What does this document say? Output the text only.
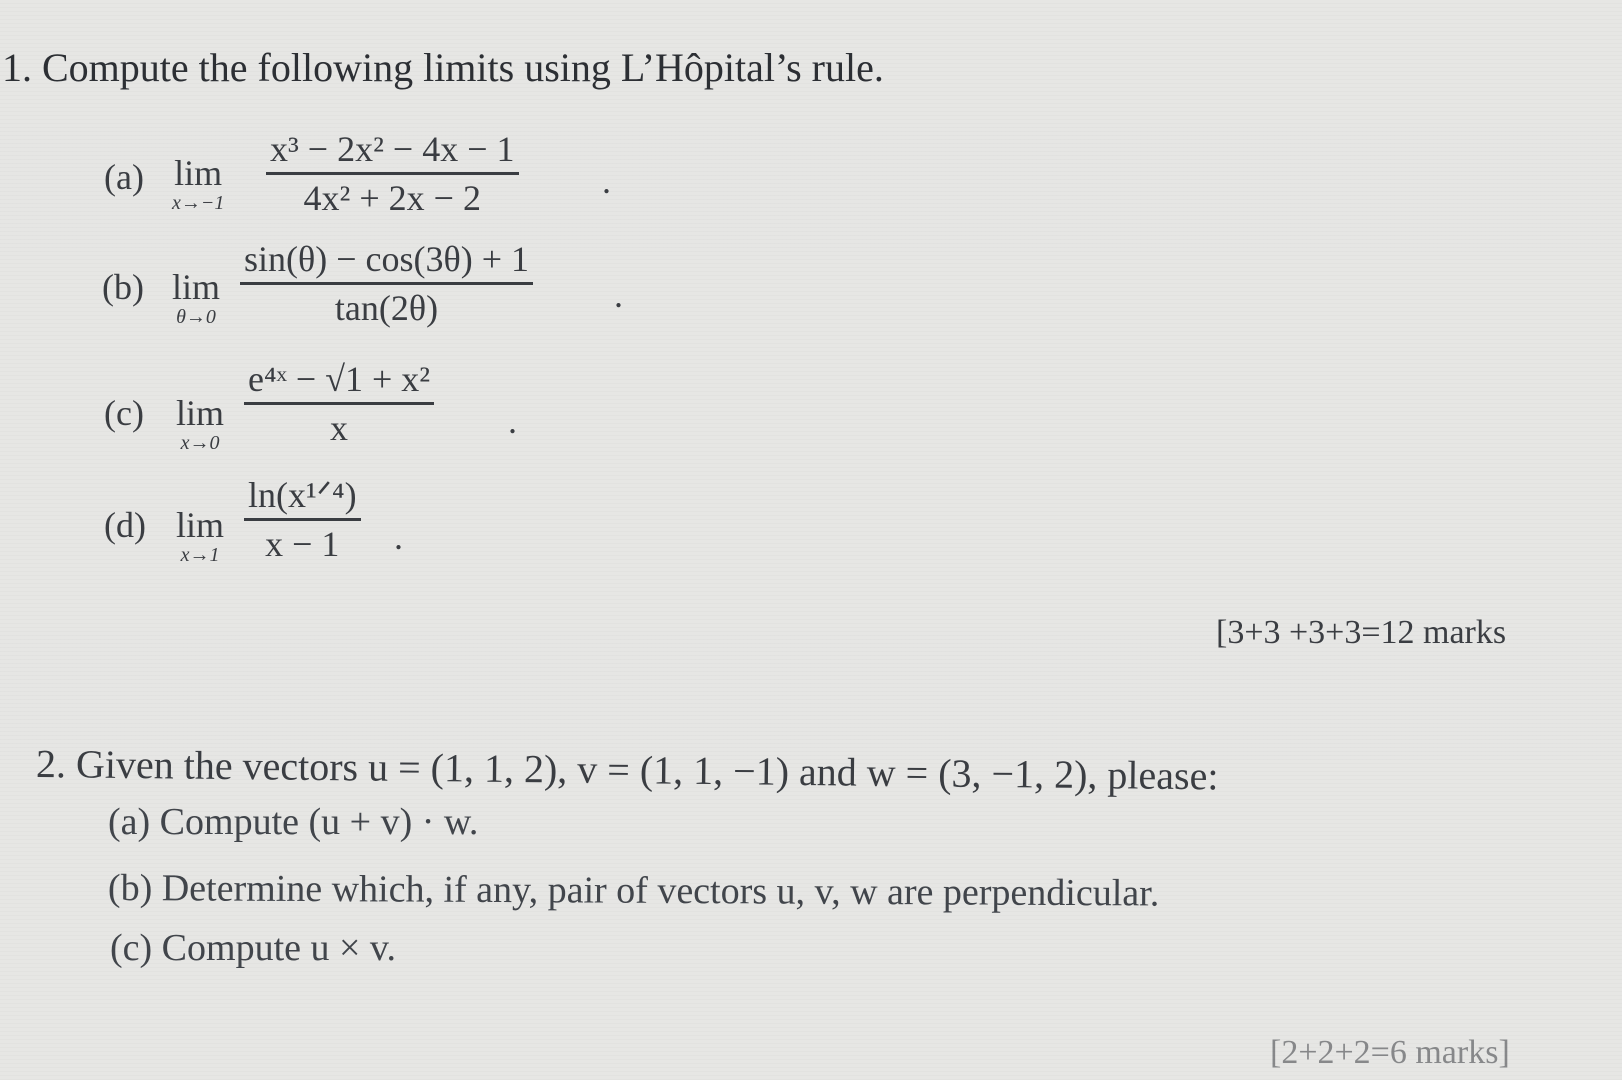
1. Compute the following limits using L’Hôpital’s rule.
(a) lim
x→−1
x³ − 2x² − 4x − 1
4x² + 2x − 2	.
(b) lim
θ→0
sin(θ) − cos(3θ) + 1
tan(2θ)	.
(c) lim
x→0
e⁴ˣ − √1 + x²
x	.
(d) lim
x→1
ln(x¹ᐟ⁴)
x − 1 .
[3+3 +3+3=12 marks
2. Given the vectors u = (1, 1, 2), v = (1, 1, −1) and w = (3, −1, 2), please:
(a) Compute (u + v) · w.
(b) Determine which, if any, pair of vectors u, v, w are perpendicular.
(c) Compute u × v.
[2+2+2=6 marks]
